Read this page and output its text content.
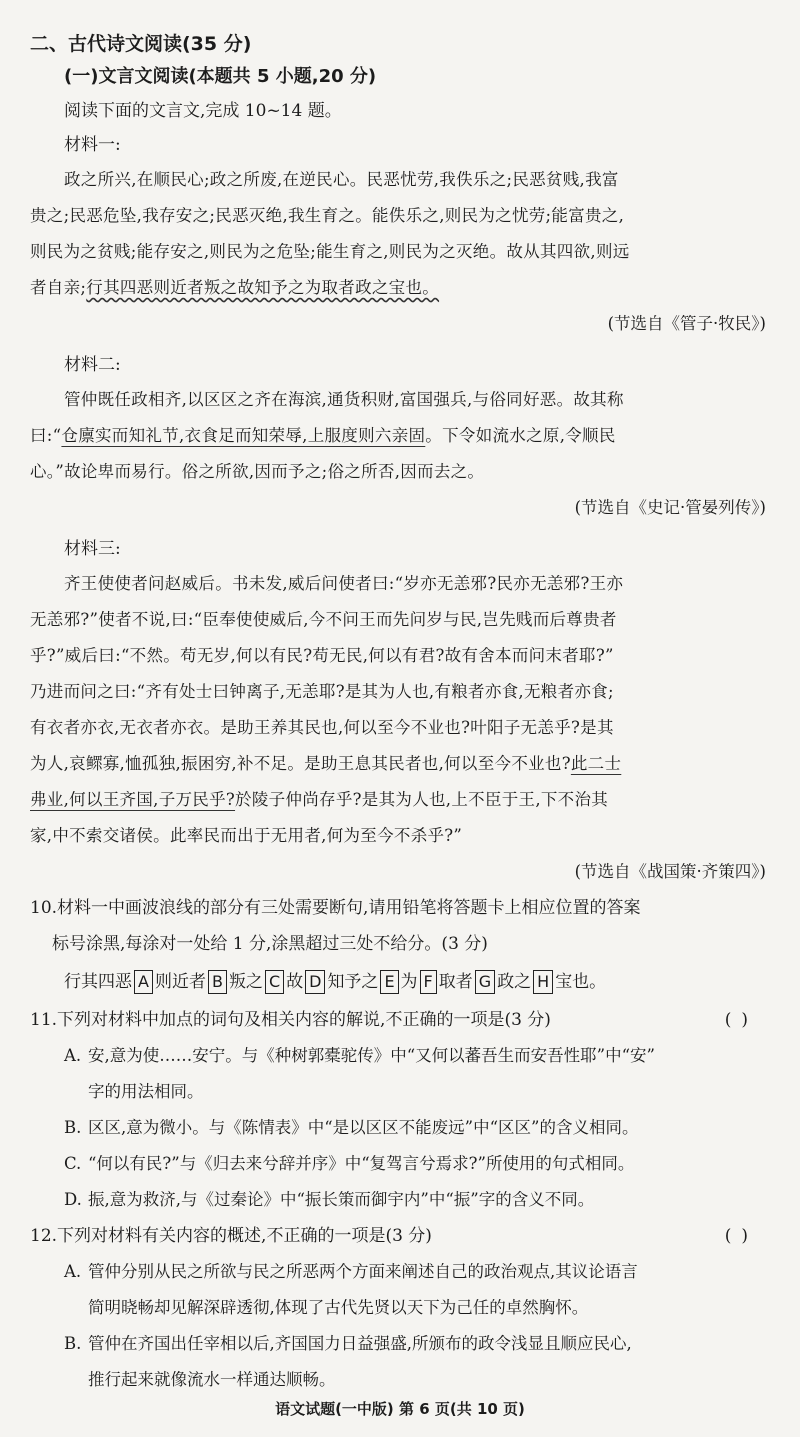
二、古代诗文阅读(35 分)

(一)文言文阅读(本题共 5 小题,20 分)

阅读下面的文言文,完成 10~14 题。

材料一:

政之所兴,在顺民心;政之所废,在逆民心。民恶忧劳,我佚乐之;民恶贫贱,我富

贵之;民恶危坠,我存安之;民恶灭绝,我生育之。能佚乐之,则民为之忧劳;能富贵之,

则民为之贫贱;能存安之,则民为之危坠;能生育之,则民为之灭绝。故从其四欲,则远

者自亲;行其四恶则近者叛之故知予之为取者政之宝也。

(节选自《管子·牧民》)

材料二:

管仲既任政相齐,以区区之齐在海滨,通货积财,富国强兵,与俗同好恶。故其称

曰:“仓廪实而知礼节,衣食足而知荣辱,上服度则六亲固。下令如流水之原,令顺民

心。”故论卑而易行。俗之所欲,因而予之;俗之所否,因而去之。

(节选自《史记·管晏列传》)

材料三:

齐王使使者问赵威后。书未发,威后问使者曰:“岁亦无恙邪?民亦无恙邪?王亦

无恙邪?”使者不说,曰:“臣奉使使威后,今不问王而先问岁与民,岂先贱而后尊贵者

乎?”威后曰:“不然。苟无岁,何以有民?苟无民,何以有君?故有舍本而问末者耶?”

乃进而问之曰:“齐有处士曰钟离子,无恙耶?是其为人也,有粮者亦食,无粮者亦食;

有衣者亦衣,无衣者亦衣。是助王养其民也,何以至今不业也?叶阳子无恙乎?是其

为人,哀鳏寡,恤孤独,振困穷,补不足。是助王息其民者也,何以至今不业也?此二士

弗业,何以王齐国,子万民乎?於陵子仲尚存乎?是其为人也,上不臣于王,下不治其

家,中不索交诸侯。此率民而出于无用者,何为至今不杀乎?”

(节选自《战国策·齐策四》)

10. 材料一中画波浪线的部分有三处需要断句,请用铅笔将答题卡上相应位置的答案

标号涂黑,每涂对一处给 1 分,涂黑超过三处不给分。(3 分)

行其四恶 A 则近者 B 叛之 C 故 D 知予之 E 为 F 取者 G 政之 H 宝也。

11. 下列对材料中加点的词句及相关内容的解说,不正确的一项是(3 分)	()
A. 安,意为使……安宁。与《种树郭橐驼传》中“又何以蕃吾生而安吾性耶”中“安”

字的用法相同。

B. 区区,意为微小。与《陈情表》中“是以区区不能废远”中“区区”的含义相同。
C. “何以有民?”与《归去来兮辞并序》中“复驾言兮焉求?”所使用的句式相同。
D. 振,意为救济,与《过秦论》中“振长策而御宇内”中“振”字的含义不同。
12. 下列对材料有关内容的概述,不正确的一项是(3 分)	()
A. 管仲分别从民之所欲与民之所恶两个方面来阐述自己的政治观点,其议论语言

简明晓畅却见解深辟透彻,体现了古代先贤以天下为己任的卓然胸怀。

B. 管仲在齐国出任宰相以后,齐国国力日益强盛,所颁布的政令浅显且顺应民心,

推行起来就像流水一样通达顺畅。

语文试题(一中版) 第 6 页(共 10 页)
